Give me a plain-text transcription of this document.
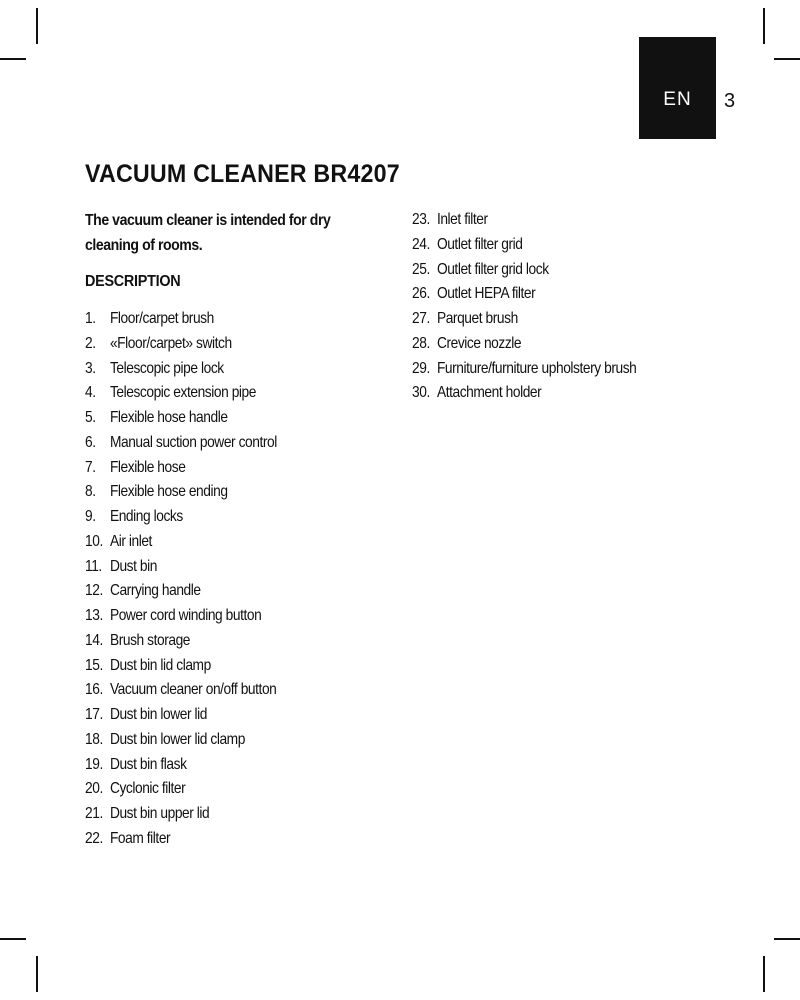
EN	3
VACUUM CLEANER BR4207

The vacuum cleaner is intended for dry cleaning of rooms.

DESCRIPTION
1. Floor/carpet brush
2. «Floor/carpet» switch
3. Telescopic pipe lock
4. Telescopic extension pipe
5. Flexible hose handle
6. Manual suction power control
7. Flexible hose
8. Flexible hose ending
9. Ending locks
10. Air inlet
11. Dust bin
12. Carrying handle
13. Power cord winding button
14. Brush storage
15. Dust bin lid clamp
16. Vacuum cleaner on/off button
17. Dust bin lower lid
18. Dust bin lower lid clamp
19. Dust bin flask
20. Cyclonic filter
21. Dust bin upper lid
22. Foam filter
23. Inlet filter
24. Outlet filter grid
25. Outlet filter grid lock
26. Outlet HEPA filter
27. Parquet brush
28. Crevice nozzle
29. Furniture/furniture upholstery brush
30. Attachment holder
